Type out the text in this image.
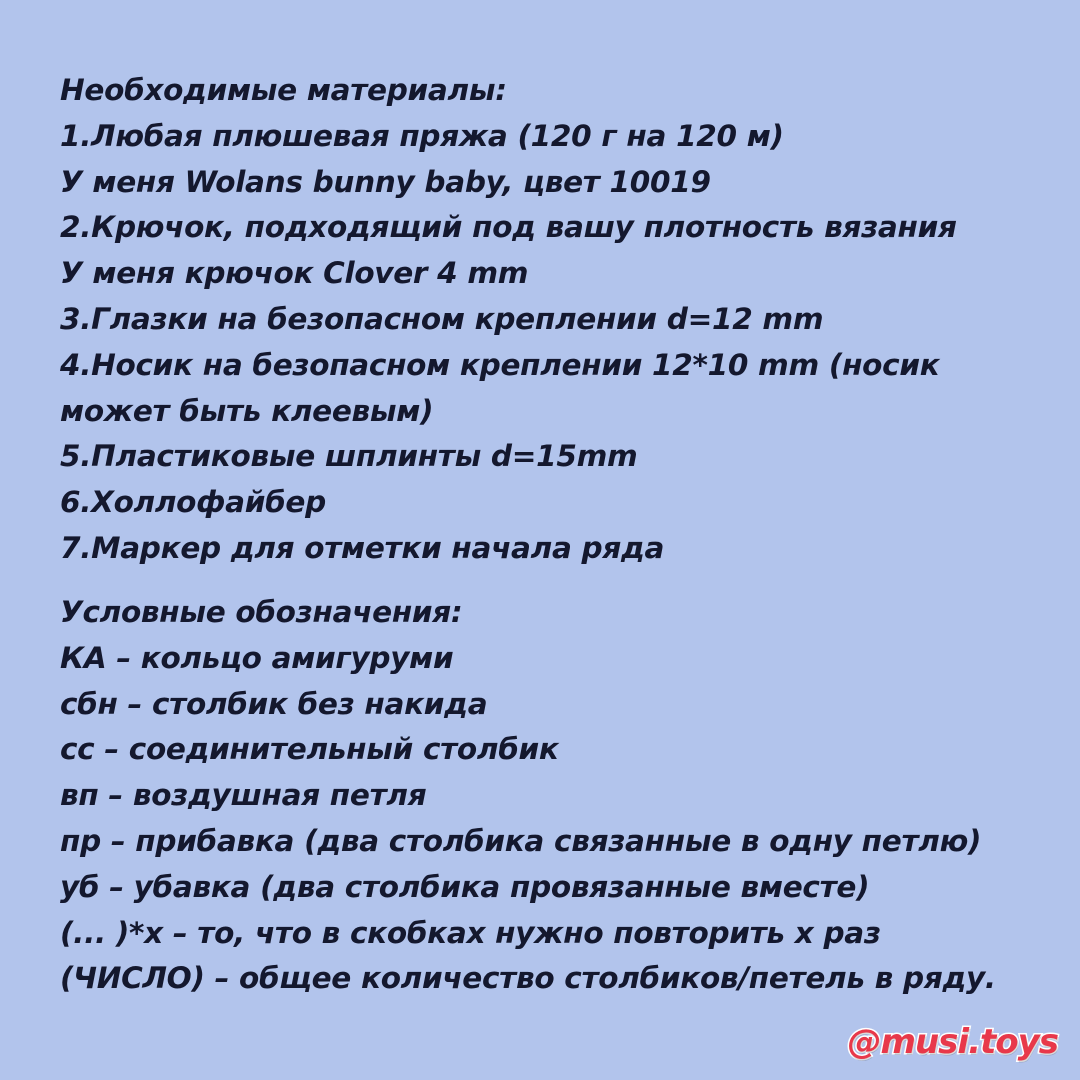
Необходимые материалы:
1.Любая плюшевая пряжа (120 г на 120 м)
У меня Wolans bunny baby, цвет 10019
2.Крючок, подходящий под вашу плотность вязания
У меня крючок Clover 4 mm
3.Глазки на безопасном креплении d=12 mm
4.Носик на безопасном креплении 12*10 mm (носик
может быть клеевым)
5.Пластиковые шплинты d=15mm
6.Холлофайбер
7.Маркер для отметки начала ряда
Условные обозначения:
КА – кольцо амигуруми
сбн – столбик без накида
сс – соединительный столбик
вп – воздушная петля
пр – прибавка (два столбика связанные в одну петлю)
уб – убавка (два столбика провязанные вместе)
(... )*х – то, что в скобках нужно повторить х раз
(ЧИСЛО) – общее количество столбиков/петель в ряду.
@musi.toys
